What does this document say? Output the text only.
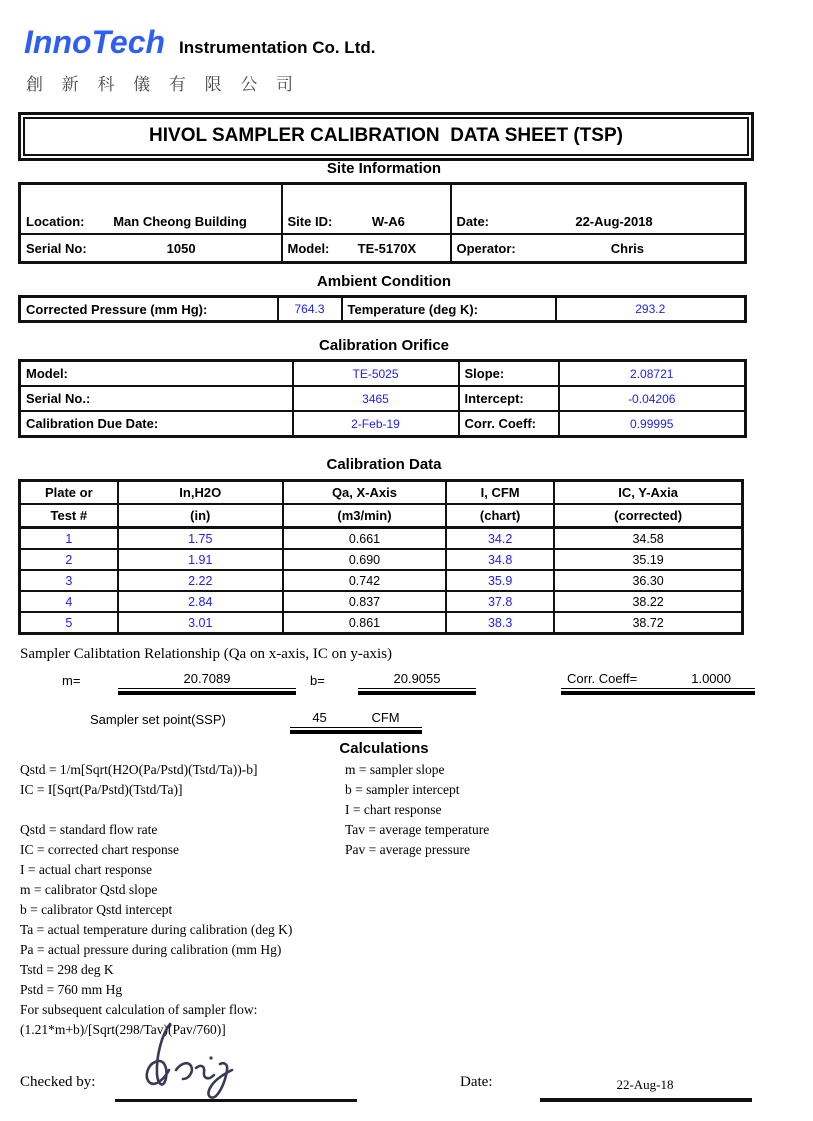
InnoTech Instrumentation Co. Ltd.
創 新 科 儀 有 限 公 司
HIVOL SAMPLER CALIBRATION  DATA SHEET (TSP)
Site Information
Location: Man Cheong Building	Site ID: W-A6	Date: 22-Aug-2018

Serial No: 1050	Model: TE-5170X	Operator: Chris
Ambient Condition
Corrected Pressure (mm Hg):	764.3	Temperature (deg K):	293.2
Calibration Orifice
Model:	TE-5025	Slope:	2.08721
Serial No.:	3465	Intercept:	-0.04206
Calibration Due Date:	2-Feb-19	Corr. Coeff:	0.99995
Calibration Data
Plate or	In,H2O	Qa, X-Axis	I, CFM	IC, Y-Axia
Test #	(in)	(m3/min)	(chart)	(corrected)
1	1.75	0.661	34.2	34.58
2	1.91	0.690	34.8	35.19
3	2.22	0.742	35.9	36.30
4	2.84	0.837	37.8	38.22
5	3.01	0.861	38.3	38.72
Sampler Calibtation Relationship (Qa on x-axis, IC on y-axis)
m=	20.7089	b=	20.9055	Corr. Coeff=	1.0000
Sampler set point(SSP)	45	CFM
Calculations
Qstd = 1/m[Sqrt(H2O(Pa/Pstd)(Tstd/Ta))-b]
IC = I[Sqrt(Pa/Pstd)(Tstd/Ta)]
Qstd = standard flow rate
IC = corrected chart response
I = actual chart response
m = calibrator Qstd slope
b = calibrator Qstd intercept
Ta = actual temperature during calibration (deg K)
Pa = actual pressure during calibration (mm Hg)
Tstd = 298 deg K
Pstd = 760 mm Hg
For subsequent calculation of sampler flow:
(1.21*m+b)/[Sqrt(298/Tav)(Pav/760)]
m = sampler slope
b = sampler intercept
I = chart response
Tav = average temperature
Pav = average pressure
Checked by:	Date:	22-Aug-18
